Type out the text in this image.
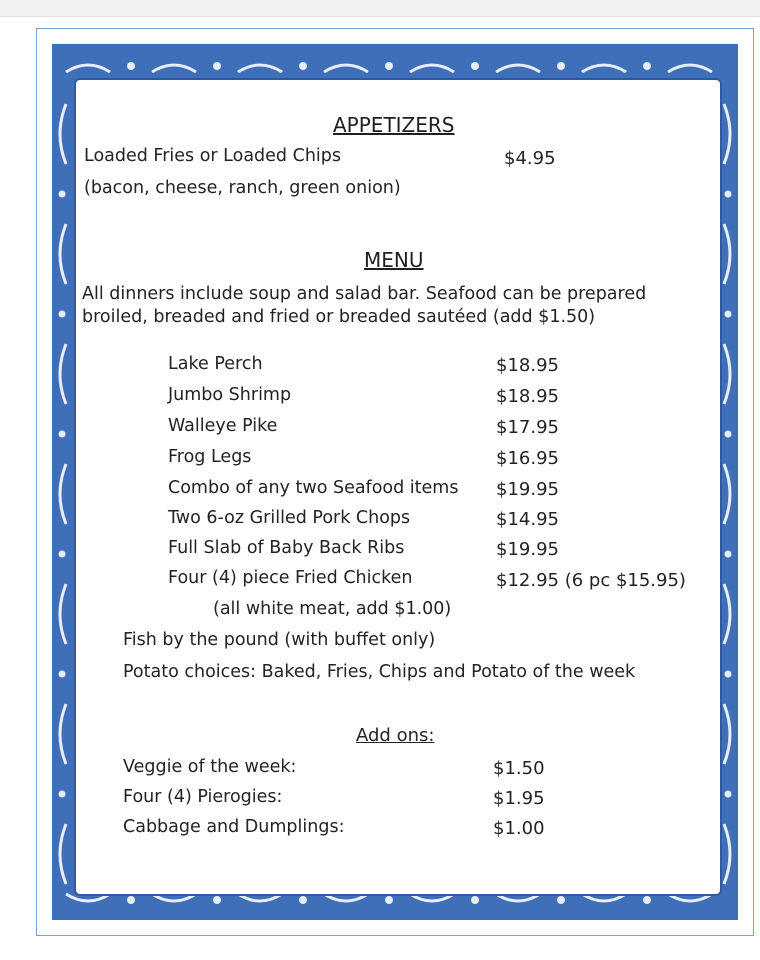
APPETIZERS
Loaded Fries or Loaded Chips	$4.95
(bacon, cheese, ranch, green onion)
MENU
All dinners include soup and salad bar. Seafood can be prepared
broiled, breaded and fried or breaded sautéed (add $1.50)
Lake Perch	$18.95
Jumbo Shrimp	$18.95
Walleye Pike	$17.95
Frog Legs	$16.95
Combo of any two Seafood items $19.95
Two 6-oz Grilled Pork Chops	$14.95
Full Slab of Baby Back Ribs	$19.95
Four (4) piece Fried Chicken	$12.95 (6 pc $15.95)
(all white meat, add $1.00)
Fish by the pound (with buffet only)
Potato choices: Baked, Fries, Chips and Potato of the week
Add ons:
Veggie of the week:	$1.50
Four (4) Pierogies:	$1.95
Cabbage and Dumplings:	$1.00
